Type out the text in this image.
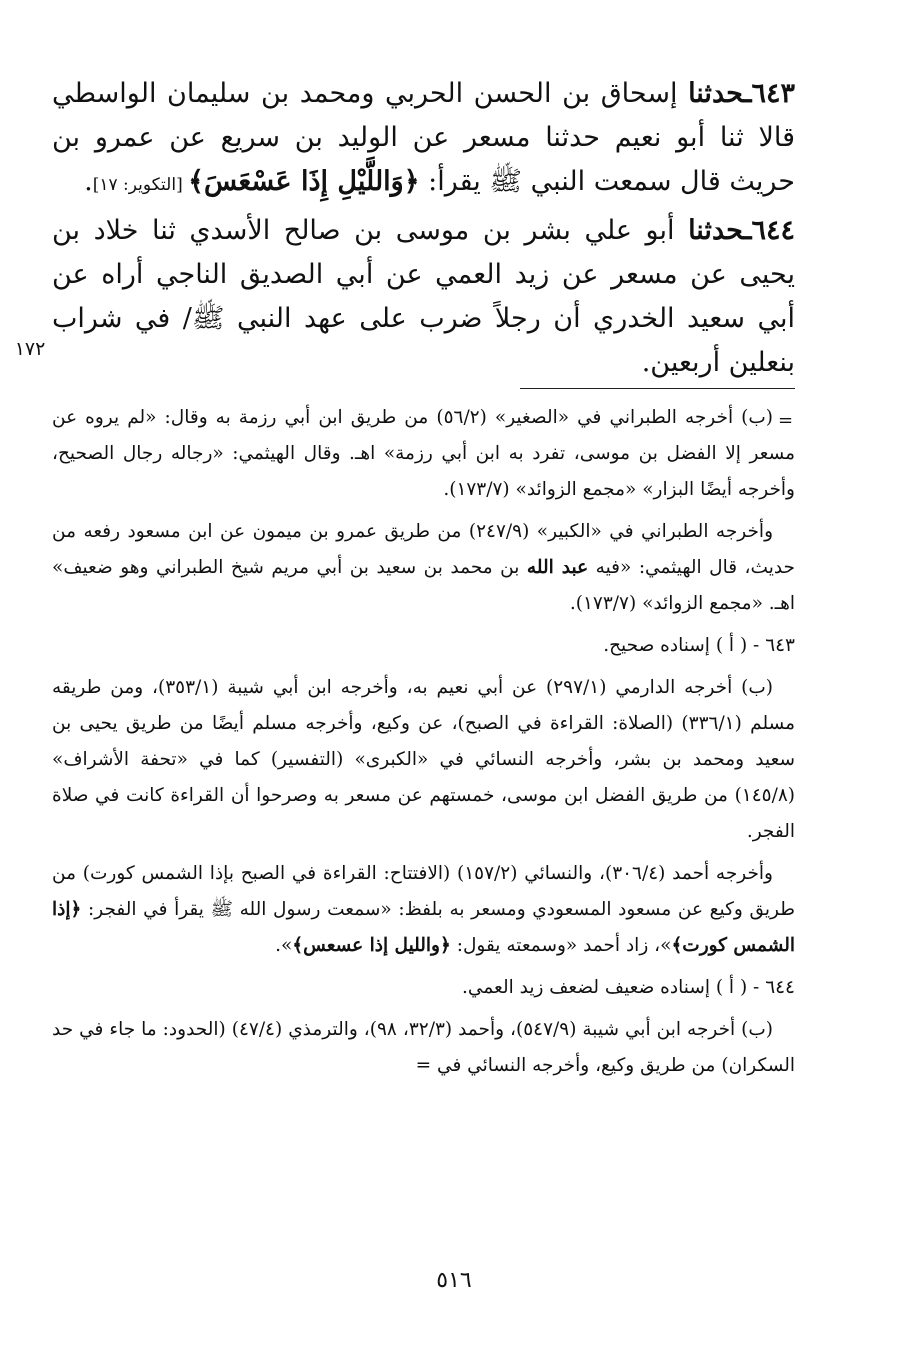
٦٤٣ـحدثنا إسحاق بن الحسن الحربي ومحمد بن سليمان الواسطي قالا ثنا أبو نعيم حدثنا مسعر عن الوليد بن سريع عن عمرو بن حريث قال سمعت النبي ﷺ يقرأ: ﴿وَاللَّيْلِ إِذَا عَسْعَسَ﴾ [التكوير: ١٧].

٦٤٤ـحدثنا أبو علي بشر بن موسى بن صالح الأسدي ثنا خلاد بن يحيى عن مسعر عن زيد العمي عن أبي الصديق الناجي أراه عن أبي سعيد الخدري أن رجلاً ضرب على عهد النبي ﷺ/ في شراب بنعلين أربعين.

١٧٢
=

(ب) أخرجه الطبراني في «الصغير» (٥٦/٢) من طريق ابن أبي رزمة به وقال: «لم يروه عن مسعر إلا الفضل بن موسى، تفرد به ابن أبي رزمة» اهـ. وقال الهيثمي: «رجاله رجال الصحيح، وأخرجه أيضًا البزار» «مجمع الزوائد» (١٧٣/٧).

وأخرجه الطبراني في «الكبير» (٢٤٧/٩) من طريق عمرو بن ميمون عن ابن مسعود رفعه من حديث، قال الهيثمي: «فيه عبد الله بن محمد بن سعيد بن أبي مريم شيخ الطبراني وهو ضعيف» اهـ. «مجمع الزوائد» (١٧٣/٧).

٦٤٣ - ( أ ) إسناده صحيح.

(ب) أخرجه الدارمي (٢٩٧/١) عن أبي نعيم به، وأخرجه ابن أبي شيبة (٣٥٣/١)، ومن طريقه مسلم (٣٣٦/١) (الصلاة: القراءة في الصبح)، عن وكيع، وأخرجه مسلم أيضًا من طريق يحيى بن سعيد ومحمد بن بشر، وأخرجه النسائي في «الكبرى» (التفسير) كما في «تحفة الأشراف» (١٤٥/٨) من طريق الفضل ابن موسى، خمستهم عن مسعر به وصرحوا أن القراءة كانت في صلاة الفجر.

وأخرجه أحمد (٣٠٦/٤)، والنسائي (١٥٧/٢) (الافتتاح: القراءة في الصبح بإذا الشمس كورت) من طريق وكيع عن مسعود المسعودي ومسعر به بلفظ: «سمعت رسول الله ﷺ يقرأ في الفجر: ﴿إذا الشمس كورت﴾»، زاد أحمد «وسمعته يقول: ﴿والليل إذا عسعس﴾».

٦٤٤ - ( أ ) إسناده ضعيف لضعف زيد العمي.

(ب) أخرجه ابن أبي شيبة (٥٤٧/٩)، وأحمد (٣٢/٣، ٩٨)، والترمذي (٤٧/٤) (الحدود: ما جاء في حد السكران) من طريق وكيع، وأخرجه النسائي في =

٥١٦
